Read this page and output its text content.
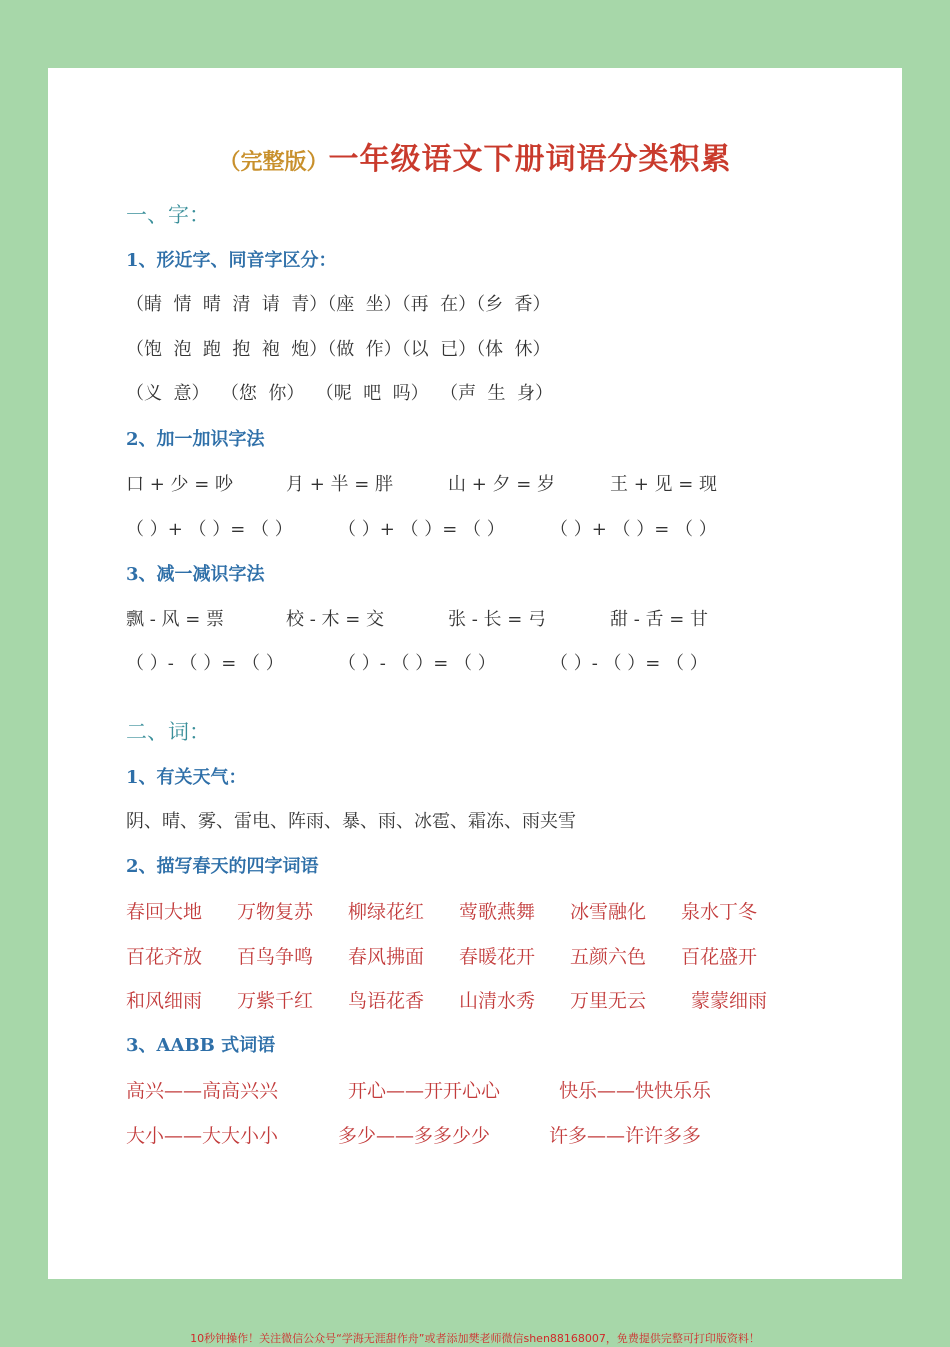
（完整版）一年级语文下册词语分类积累
一、字：
1、形近字、同音字区分：
（睛  情  晴  清  请  青）（座  坐）（再  在）（乡  香）
（饱  泡  跑  抱  袍  炮）（做  作）（以  已）（体  休）
（义  意）  （您  你）  （呢  吧  吗）  （声  生  身）
2、加一加识字法
口 + 少 = 吵	月 + 半 = 胖	山 + 夕 = 岁	王 + 见 = 现
（ ）+ （ ）= （ ）	（ ）+ （ ）= （ ）	（ ）+ （ ）= （ ）
3、减一减识字法
飘 - 风 = 票	校 - 木 = 交	张 - 长 = 弓	甜 - 舌 = 甘
（ ）- （ ）= （ ）	（ ）- （ ）= （ ）	（ ）- （ ）= （ ）
二、词：
1、有关天气：
阴、晴、雾、雷电、阵雨、暴、雨、冰雹、霜冻、雨夹雪
2、描写春天的四字词语
春回大地 万物复苏 柳绿花红 莺歌燕舞 冰雪融化 泉水丁冬
百花齐放 百鸟争鸣 春风拂面 春暖花开 五颜六色 百花盛开
和风细雨 万紫千红 鸟语花香 山清水秀 万里无云 蒙蒙细雨
3、AABB 式词语
高兴——高高兴兴	开心——开开心心	快乐——快快乐乐
大小——大大小小	多少——多多少少	许多——许许多多
10秒钟操作！关注微信公众号“学海无涯甜作舟”或者添加樊老师微信shen88168007，免费提供完整可打印版资料！
